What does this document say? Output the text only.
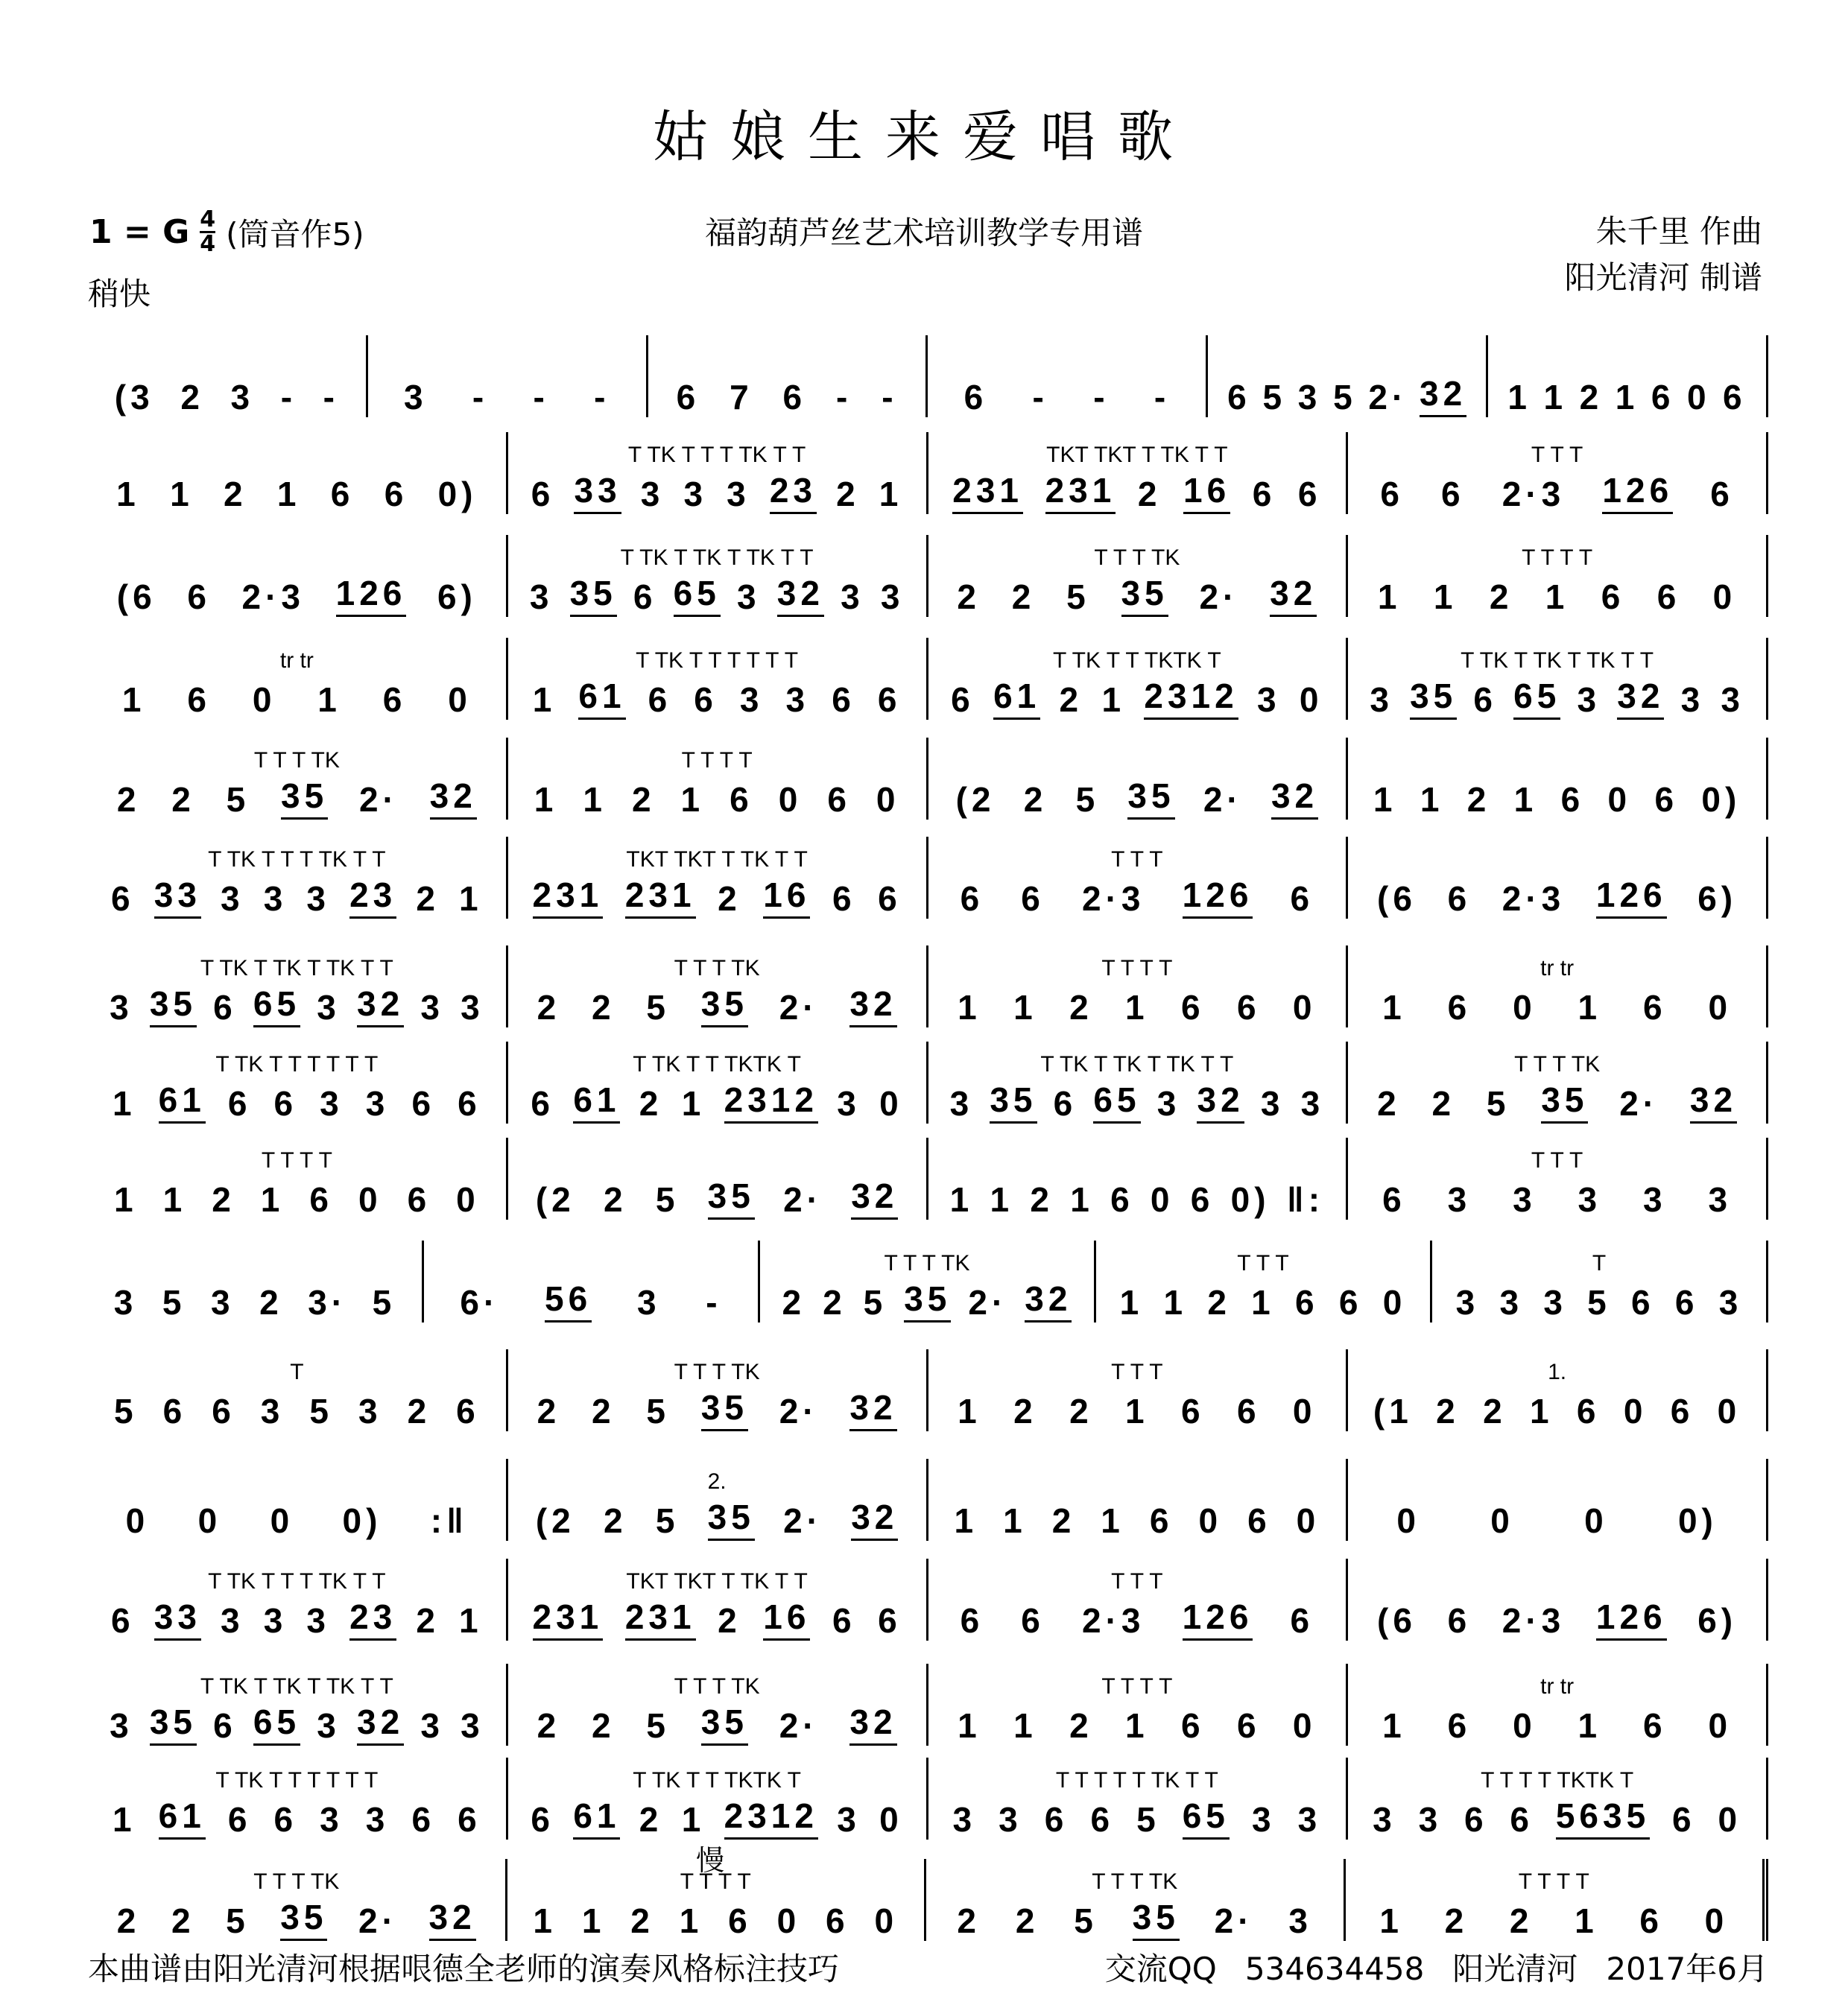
姑娘生来爱唱歌
1 = G $\frac{4}{4}$ (筒音作5)
稍快
福韵葫芦丝艺术培训教学专用谱	朱千里 作曲
阳光清河 制谱
(3 2 3 - - 3 - - - 6 7 6 - - 6 - - - 6 5 3 5 2· 32 1 1 2 1 6 0 6
1 1 2 1 6 6 0)
T TK T T T TK T T
6 33 3 3 3 23 2 1
TKT TKT T TK T T
231 231 2 16 6 6
T T T
6 6 2·3 126 6
(6 6 2·3 126 6)
T TK T TK T TK T T
3 35 6 65 3 32 3 3
T T T TK
2 2 5 35 2· 32
T T T T
1 1 2 1 6 6 0
tr tr
1 6 0 1 6 0
T TK T T T T T T
1 61 6 6 3 3 6 6
T TK T T TKTK T
6 61 2 1 2312 3 0
T TK T TK T TK T T
3 35 6 65 3 32 3 3
T T T TK
2 2 5 35 2· 32
T T T T
1 1 2 1 6 0 6 0 (2 2 5 35 2· 32 1 1 2 1 6 0 6 0)
T TK T T T TK T T
6 33 3 3 3 23 2 1
TKT TKT T TK T T
231 231 2 16 6 6
T T T
6 6 2·3 126 6 (6 6 2·3 126 6)
T TK T TK T TK T T
3 35 6 65 3 32 3 3
T T T TK
2 2 5 35 2· 32
T T T T
1 1 2 1 6 6 0
tr tr
1 6 0 1 6 0
T TK T T T T T T
1 61 6 6 3 3 6 6
T TK T T TKTK T
6 61 2 1 2312 3 0
T TK T TK T TK T T
3 35 6 65 3 32 3 3
T T T TK
2 2 5 35 2· 32
T T T T
1 1 2 1 6 0 6 0 (2 2 5 35 2· 32 1 1 2 1 6 0 6 0) ‖:
T T T
6 3 3 3 3 3
3 5 3 2 3· 5 6· 56 3 -
T T T TK
2 2 5 35 2· 32
T T T
1 1 2 1 6 6 0
T
3 3 3 5 6 6 3
T
5 6 6 3 5 3 2 6
T T T TK
2 2 5 35 2· 32
T T T
1 2 2 1 6 6 0
1.
(1 2 2 1 6 0 6 0
0 0 0 0) :‖
2.
(2 2 5 35 2· 32 1 1 2 1 6 0 6 0 0 0 0 0)
T TK T T T TK T T
6 33 3 3 3 23 2 1
TKT TKT T TK T T
231 231 2 16 6 6
T T T
6 6 2·3 126 6 (6 6 2·3 126 6)
T TK T TK T TK T T
3 35 6 65 3 32 3 3
T T T TK
2 2 5 35 2· 32
T T T T
1 1 2 1 6 6 0
tr tr
1 6 0 1 6 0
T TK T T T T T T
1 61 6 6 3 3 6 6
T TK T T TKTK T
6 61 2 1 2312 3 0
慢
T T T T T TK T T
3 3 6 6 5 65 3 3
T T T T TKTK T
3 3 6 6 5635 6 0
T T T TK
2 2 5 35 2· 32
T T T T
1 1 2 1 6 0 6 0
T T T TK
2 2 5 35 2· 3
T T T T
1 2 2 1 6 0
本曲谱由阳光清河根据哏德全老师的演奏风格标注技巧	交流QQ 534634458 阳光清河 2017年6月
